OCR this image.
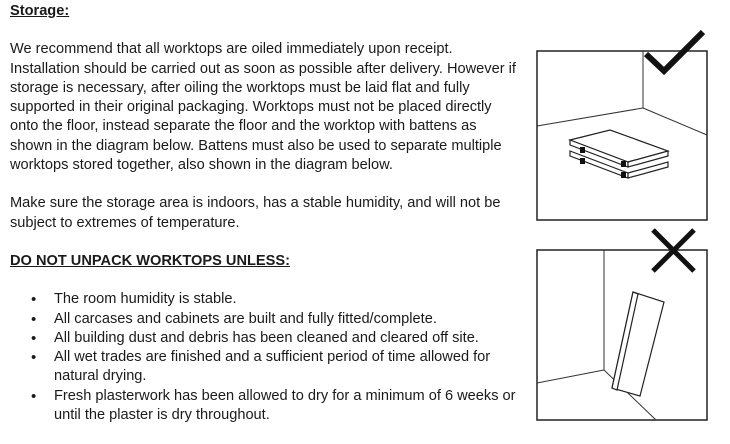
Storage:

We recommend that all worktops are oiled immediately upon receipt. Installation should be carried out as soon as possible after delivery. However if storage is necessary, after oiling the worktops must be laid flat and fully supported in their original packaging. Worktops must not be placed directly onto the floor, instead separate the floor and the worktop with battens as shown in the diagram below. Battens must also be used to separate multiple worktops stored together, also shown in the diagram below.

Make sure the storage area is indoors, has a stable humidity, and will not be subject to extremes of temperature.

DO NOT UNPACK WORKTOPS UNLESS:

• The room humidity is stable.
• All carcases and cabinets are built and fully fitted/complete.
• All building dust and debris has been cleaned and cleared off site.
• All wet trades are finished and a sufficient period of time allowed for natural drying.
• Fresh plasterwork has been allowed to dry for a minimum of 6 weeks or until the plaster is dry throughout.
